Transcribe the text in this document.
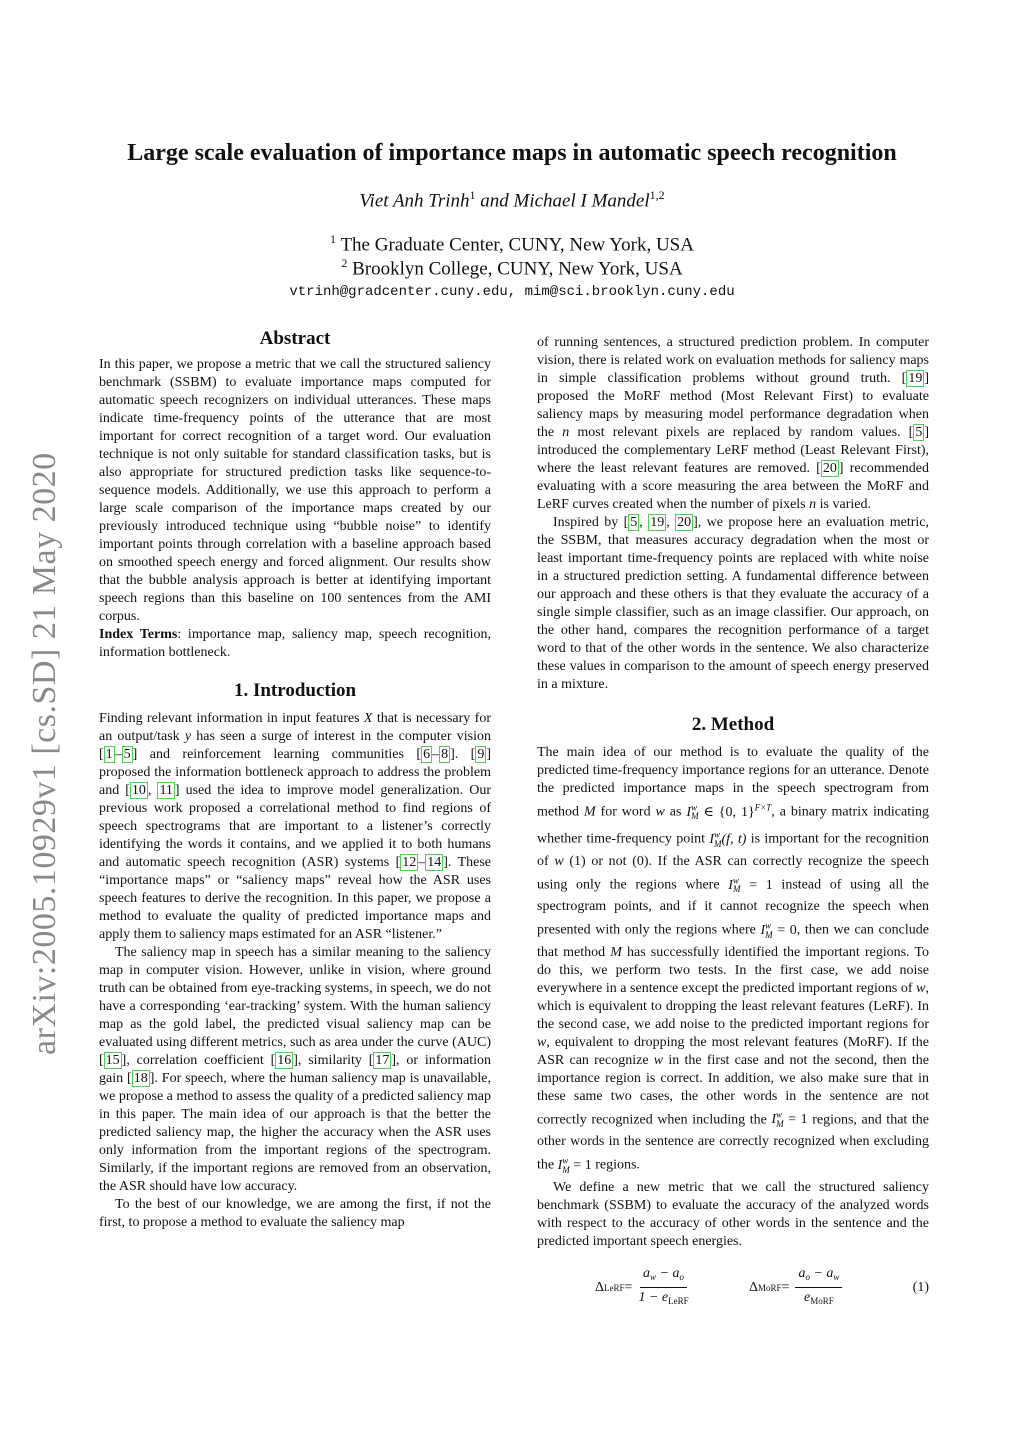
arXiv:2005.10929v1 [cs.SD] 21 May 2020
Large scale evaluation of importance maps in automatic speech recognition
Viet Anh Trinh$^1$ and Michael I Mandel$^{1,2}$
$^1$ The Graduate Center, CUNY, New York, USA
$^2$ Brooklyn College, CUNY, New York, USA
vtrinh@gradcenter.cuny.edu, mim@sci.brooklyn.cuny.edu
Abstract

In this paper, we propose a metric that we call the structured saliency benchmark (SSBM) to evaluate importance maps computed for automatic speech recognizers on individual utterances. These maps indicate time-frequency points of the utterance that are most important for correct recognition of a target word. Our evaluation technique is not only suitable for standard classification tasks, but is also appropriate for structured prediction tasks like sequence-to-sequence models. Additionally, we use this approach to perform a large scale comparison of the importance maps created by our previously introduced technique using “bubble noise” to identify important points through correlation with a baseline approach based on smoothed speech energy and forced alignment. Our results show that the bubble analysis approach is better at identifying important speech regions than this baseline on 100 sentences from the AMI corpus.

Index Terms: importance map, saliency map, speech recognition, information bottleneck.

1. Introduction

Finding relevant information in input features X that is necessary for an output/task y has seen a surge of interest in the computer vision [ 1 – 5 ] and reinforcement learning communities [ 6 – 8 ]. [ 9 ] proposed the information bottleneck approach to address the problem and [ 10 , 11 ] used the idea to improve model generalization. Our previous work proposed a correlational method to find regions of speech spectrograms that are important to a listener’s correctly identifying the words it contains, and we applied it to both humans and automatic speech recognition (ASR) systems [ 12 – 14 ]. These “importance maps” or “saliency maps” reveal how the ASR uses speech features to derive the recognition. In this paper, we propose a method to evaluate the quality of predicted importance maps and apply them to saliency maps estimated for an ASR “listener.”

The saliency map in speech has a similar meaning to the saliency map in computer vision. However, unlike in vision, where ground truth can be obtained from eye-tracking systems, in speech, we do not have a corresponding ‘ear-tracking’ system. With the human saliency map as the gold label, the predicted visual saliency map can be evaluated using different metrics, such as area under the curve (AUC) [ 15 ], correlation coefficient [ 16 ], similarity [ 17 ], or information gain [ 18 ]. For speech, where the human saliency map is unavailable, we propose a method to assess the quality of a predicted saliency map in this paper. The main idea of our approach is that the better the predicted saliency map, the higher the accuracy when the ASR uses only information from the important regions of the spectrogram. Similarly, if the important regions are removed from an observation, the ASR should have low accuracy.

To the best of our knowledge, we are among the first, if not the first, to propose a method to evaluate the saliency map

of running sentences, a structured prediction problem. In computer vision, there is related work on evaluation methods for saliency maps in simple classification problems without ground truth. [ 19 ] proposed the MoRF method (Most Relevant First) to evaluate saliency maps by measuring model performance degradation when the n most relevant pixels are replaced by random values. [ 5 ] introduced the complementary LeRF method (Least Relevant First), where the least relevant features are removed. [ 20 ] recommended evaluating with a score measuring the area between the MoRF and LeRF curves created when the number of pixels n is varied.

Inspired by [ 5 , 19 , 20 ], we propose here an evaluation metric, the SSBM, that measures accuracy degradation when the most or least important time-frequency points are replaced with white noise in a structured prediction setting. A fundamental difference between our approach and these others is that they evaluate the accuracy of a single simple classifier, such as an image classifier. Our approach, on the other hand, compares the recognition performance of a target word to that of the other words in the sentence. We also characterize these values in comparison to the amount of speech energy preserved in a mixture.

2. Method

The main idea of our method is to evaluate the quality of the predicted time-frequency importance regions for an utterance. Denote the predicted importance maps in the speech spectrogram from method M for word w as $I^w_M$ ∈ {0, 1}$^{F\times T}$, a binary matrix indicating whether time-frequency point $I^w_M(f$, t) is important for the recognition of w (1) or not (0). If the ASR can correctly recognize the speech using only the regions where $I^w_M = 1$ instead of using all the spectrogram points, and if it cannot recognize the speech when presented with only the regions where $I^w_M = 0$, then we can conclude that method M has successfully identified the important regions. To do this, we perform two tests. In the first case, we add noise everywhere in a sentence except the predicted important regions of w, which is equivalent to dropping the least relevant features (LeRF). In the second case, we add noise to the predicted important regions for w, equivalent to dropping the most relevant features (MoRF). If the ASR can recognize w in the first case and not the second, then the importance region is correct. In addition, we also make sure that in these same two cases, the other words in the sentence are not correctly recognized when including the $I^w_M = 1$ regions, and that the other words in the sentence are correctly recognized when excluding the $I^w_M = 1$ regions.

We define a new metric that we call the structured saliency benchmark (SSBM) to evaluate the accuracy of the analyzed words with respect to the accuracy of other words in the sentence and the predicted important speech energies.

Δ LeRF = $\frac{a_w - a_o}{1 - e_{LeRF}}$	Δ MoRF = $\frac{a_o - a_w}{e_{MoRF}}$	(1)
